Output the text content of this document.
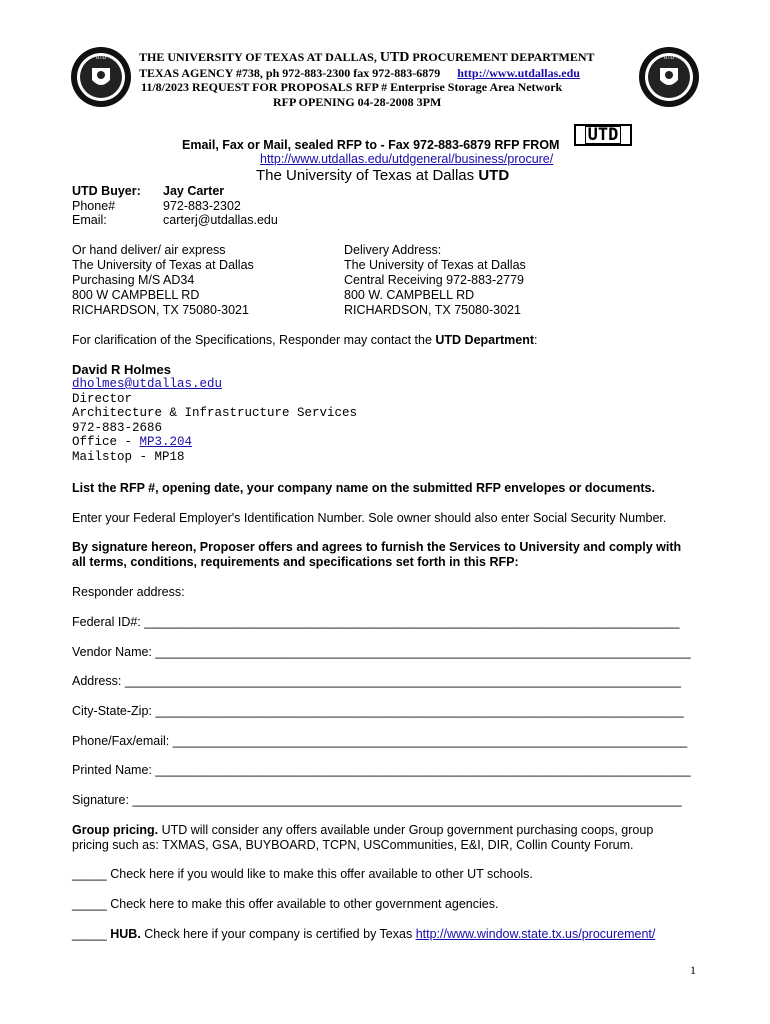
UTD	UTD
THE UNIVERSITY OF TEXAS AT DALLAS, UTD PROCUREMENT DEPARTMENT
TEXAS AGENCY #738, ph 972-883-2300 fax 972-883-6879 http://www.utdallas.edu
11/8/2023 REQUEST FOR PROPOSALS RFP # Enterprise Storage Area Network
RFP OPENING 04-28-2008 3PM
Email, Fax or Mail, sealed RFP to - Fax 972-883-6879 RFP FROM UTD
http://www.utdallas.edu/utdgeneral/business/procure/
The University of Texas at Dallas UTD
UTD Buyer: Jay Carter
Phone#	972-883-2302
Email:	carterj@utdallas.edu
Or hand deliver/ air express
The University of Texas at Dallas
Purchasing M/S AD34
800 W CAMPBELL RD
RICHARDSON, TX 75080-3021
Delivery Address:
The University of Texas at Dallas
Central Receiving 972-883-2779
800 W. CAMPBELL RD
RICHARDSON, TX 75080-3021
For clarification of the Specifications, Responder may contact the UTD Department:
David R Holmes
dholmes@utdallas.edu
Director
Architecture & Infrastructure Services
972-883-2686
Office - MP3.204
Mailstop - MP18
List the RFP #, opening date, your company name on the submitted RFP envelopes or documents.
Enter your Federal Employer's Identification Number. Sole owner should also enter Social Security Number.
By signature hereon, Proposer offers and agrees to furnish the Services to University and comply with
all terms, conditions, requirements and specifications set forth in this RFP:
Responder address:
Federal ID#: _____________________________________________________________________________
Vendor Name: _____________________________________________________________________________
Address: ________________________________________________________________________________
City-State-Zip: ____________________________________________________________________________
Phone/Fax/email: __________________________________________________________________________
Printed Name: _____________________________________________________________________________
Signature: _______________________________________________________________________________
Group pricing. UTD will consider any offers available under Group government purchasing coops, group
pricing such as: TXMAS, GSA, BUYBOARD, TCPN, USCommunities, E&I, DIR, Collin County Forum.
_____ Check here if you would like to make this offer available to other UT schools.
_____ Check here to make this offer available to other government agencies.
_____ HUB. Check here if your company is certified by Texas http://www.window.state.tx.us/procurement/
1
